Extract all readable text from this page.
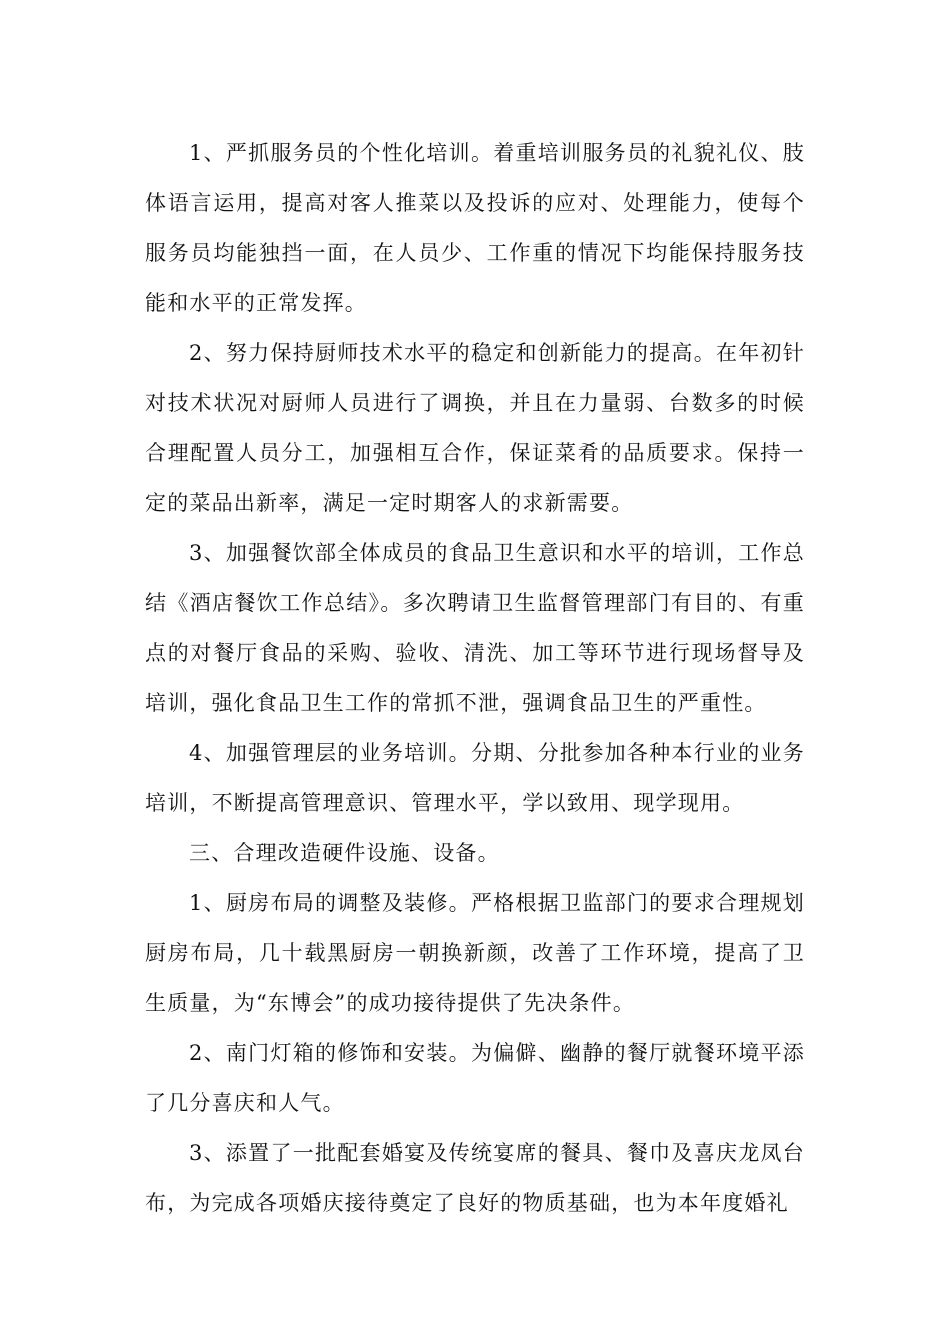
1、严抓服务员的个性化培训。着重培训服务员的礼貌礼仪、肢体语言运用，提高对客人推菜以及投诉的应对、处理能力，使每个服务员均能独挡一面，在人员少、工作重的情况下均能保持服务技能和水平的正常发挥。

2、努力保持厨师技术水平的稳定和创新能力的提高。在年初针对技术状况对厨师人员进行了调换，并且在力量弱、台数多的时候合理配置人员分工，加强相互合作，保证菜肴的品质要求。保持一定的菜品出新率，满足一定时期客人的求新需要。

3、加强餐饮部全体成员的食品卫生意识和水平的培训，工作总结《酒店餐饮工作总结》。多次聘请卫生监督管理部门有目的、有重点的对餐厅食品的采购、验收、清洗、加工等环节进行现场督导及培训，强化食品卫生工作的常抓不泄，强调食品卫生的严重性。

4、加强管理层的业务培训。分期、分批参加各种本行业的业务培训，不断提高管理意识、管理水平，学以致用、现学现用。

三、合理改造硬件设施、设备。

1、厨房布局的调整及装修。严格根据卫监部门的要求合理规划厨房布局，几十载黑厨房一朝换新颜，改善了工作环境，提高了卫生质量，为“东博会”的成功接待提供了先决条件。

2、南门灯箱的修饰和安装。为偏僻、幽静的餐厅就餐环境平添了几分喜庆和人气。

3、添置了一批配套婚宴及传统宴席的餐具、餐巾及喜庆龙凤台布，为完成各项婚庆接待奠定了良好的物质基础，也为本年度婚礼
